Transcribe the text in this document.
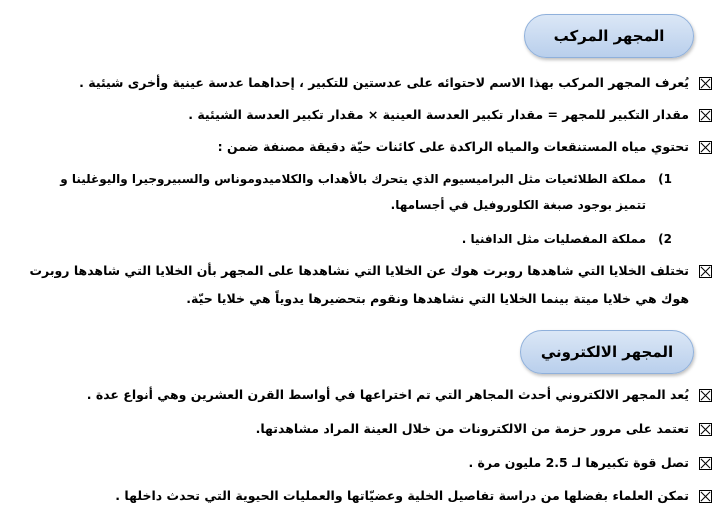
المجهر المركب
يُعرف المجهر المركب بهذا الاسم لاحتوائه على عدستين للتكبير ، إحداهما عدسة عينية وأخرى شيئية .
مقدار التكبير للمجهر = مقدار تكبير العدسة العينية × مقدار تكبير العدسة الشيئية .
تحتوي مياه المستنقعات والمياه الراكدة على كائنات حيّة دقيقة مصنفة ضمن :
1)
مملكة الطلائعيات مثل البراميسيوم الذي يتحرك بالأهداب والكلاميدوموناس والسبيروجيرا واليوغلينا و تتميز بوجود صبغة الكلوروفيل في أجسامها.
2)
مملكة المفصليات مثل الدافنيا .
تختلف الخلايا التي شاهدها روبرت هوك عن الخلايا التي نشاهدها على المجهر بأن الخلايا التي شاهدها روبرت هوك هي خلايا ميتة بينما الخلايا التي نشاهدها ونقوم بتحضيرها يدوياً هي خلايا حيّة.
المجهر الالكتروني
يُعد المجهر الالكتروني أحدث المجاهر التي تم اختراعها في أواسط القرن العشرين وهي أنواع عدة .
تعتمد على مرور حزمة من الالكترونات من خلال العينة المراد مشاهدتها.
تصل قوة تكبيرها لـ 2.5 مليون مرة .
تمكن العلماء بفضلها من دراسة تفاصيل الخلية وعضيّاتها والعمليات الحيوية التي تحدث داخلها .
